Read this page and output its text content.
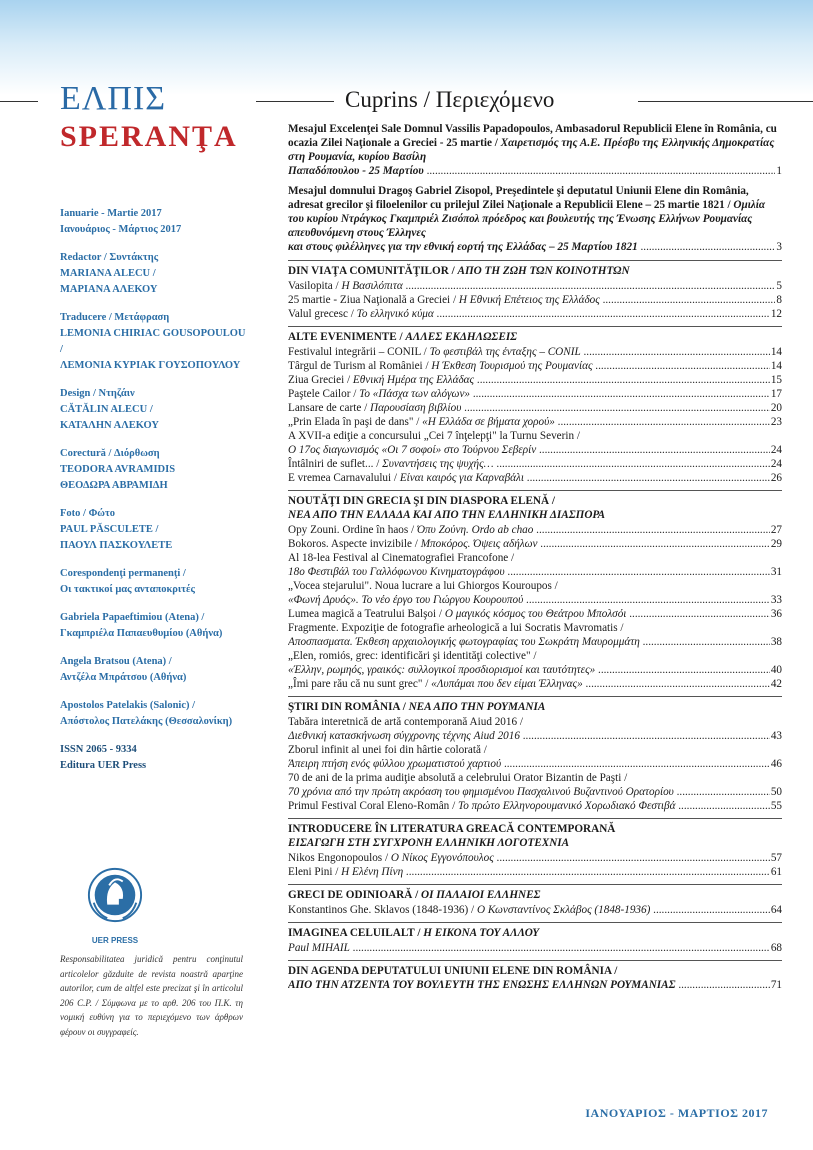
ΕΛΠΙΣ
SPERANŢA
Cuprins / Περιεχόμενο
Ianuarie - Martie 2017
Ιανουάριος - Μάρτιος 2017
Redactor / Συντάκτης
MARIANA ALECU /
ΜΑΡΙΑΝΑ ΑΛΕΚΟΥ
Traducere / Μετάφραση
LEMONIA CHIRIAC GOUSOPOULOU /
ΛΕΜΟΝΙΑ ΚΥΡΙΑΚ ΓΟΥΣΟΠΟΥΛΟΥ
Design / Ντηζάιν
CĂTĂLIN ALECU /
ΚΑΤΑΛΗΝ ΑΛΕΚΟΥ
Corectură / Διόρθωση
TEODORA AVRAMIDIS
ΘΕΟΔΩΡΑ ΑΒΡΑΜΙΔΗ
Foto / Φώτο
PAUL PĂSCULETE /
ΠΑΟΥΛ ΠΑΣΚΟΥΛΕΤΕ
Corespondenţi permanenţi /
Οι τακτικοί μας ανταποκριτές
Gabriela Papaeftimiou (Atena) /
Γκαμπριέλα Παπαευθυμίου (Αθήνα)
Angela Bratsou (Atena) /
Αντζέλα Μπράτσου (Αθήνα)
Apostolos Patelakis (Salonic) /
Απόστολος Πατελάκης (Θεσσαλονίκη)
ISSN 2065 - 9334
Editura UER Press
UER PRESS
Responsabilitatea juridică pentru conţinutul articolelor găzduite de revista noastră aparţine autorilor, cum de altfel este precizat şi în articolul 206 C.P. / Σύμφωνα με το αρθ. 206 του Π.Κ. τη νομική ευθύνη για το περιεχόμενο των άρθρων φέρουν οι συγγραφείς.
Mesajul Excelenţei Sale Domnul Vassilis Papadopoulos, Ambasadorul Republicii Elene în România, cu ocazia Zilei Naţionale a Greciei - 25 martie / Χαιρετισμός της Α.Ε. Πρέσβυ της Ελληνικής Δημοκρατίας στη Ρουμανία, κυρίου Βασίλη
Παπαδόπουλου - 25 Μαρτίου .....	1
Mesajul domnului Dragoş Gabriel Zisopol, Preşedintele şi deputatul Uniunii Elene din România, adresat grecilor şi filoelenilor cu prilejul Zilei Naţionale a Republicii Elene – 25 martie 1821 / Ομιλία του κυρίου Ντράγκος Γκαμπριέλ Ζισόπολ πρόεδρος και βουλευτής της Ένωσης Ελλήνων Ρουμανίας απευθυνόμενη στους Έλληνες
και στους φιλέλληνες για την εθνική εορτή της Ελλάδας – 25 Μαρτίου 1821 .....	3
DIN VIAŢA COMUNITĂŢILOR / ΑΠΟ ΤΗ ΖΩΗ ΤΩΝ ΚΟΙΝΟΤΗΤΩΝ
Vasilopita / Η Βασιλόπιτα .....	5
25 martie - Ziua Naţională a Greciei / Η Εθνική Επέτειος της Ελλάδος .....	8
Valul grecesc / Το ελληνικό κύμα .....	12
ALTE EVENIMENTE / ΑΛΛΕΣ ΕΚΔΗΛΩΣΕΙΣ
Festivalul integrării – CONIL / Το φεστιβάλ της ένταξης – CONIL .....	14
Târgul de Turism al României / Η Έκθεση Τουρισμού της Ρουμανίας .....	14
Ziua Greciei / Εθνική Ημέρα της Ελλάδας .....	15
Paştele Cailor / Το «Πάσχα των αλόγων» .....	17
Lansare de carte / Παρουσίαση βιβλίου .....	20
„Prin Elada în paşi de dans" / «Η Ελλάδα σε βήματα χορού» .....	23
A XVII-a ediţie a concursului „Cei 7 înţelepţi" la Turnu Severin /
Ο 17ος διαγωνισμός «Οι 7 σοφοί» στο Τούρνου Σεβερίν .....	24
Întâlniri de suflet... / Συναντήσεις της ψυχής… .....	24
E vremea Carnavalului / Είναι καιρός για Καρναβάλι .....	26
NOUTĂŢI DIN GRECIA ŞI DIN DIASPORA ELENĂ /
ΝΕΑ ΑΠΟ ΤΗΝ ΕΛΛΑΔΑ ΚΑΙ ΑΠΟ ΤΗΝ ΕΛΛΗΝΙΚΗ ΔΙΑΣΠΟΡΑ
Opy Zouni. Ordine în haos / Όπυ Ζούνη. Ordo ab chao .....	27
Bokoros. Aspecte invizibile / Μποκόρος. Όψεις αδήλων .....	29
Al 18-lea Festival al Cinematografiei Francofone /
18ο Φεστιβάλ του Γαλλόφωνου Κινηματογράφου .....	31
„Vocea stejarului". Noua lucrare a lui Ghiorgos Kouroupos /
«Φωνή Δρυός». Το νέο έργο του Γιώργου Κουρουπού .....	33
Lumea magică a Teatrului Balşoi / Ο μαγικός κόσμος του Θεάτρου Μπολσόι .....	36
Fragmente. Expoziţie de fotografie arheologică a lui Socratis Mavromatis /
Αποσπασματα. Έκθεση αρχαιολογικής φωτογραφίας του Σωκράτη Μαυρομμάτη .....	38
„Elen, romiós, grec: identificări şi identităţi colective" /
«Έλλην, ρωμηός, γραικός: συλλογικοί προσδιορισμοί και ταυτότητες» .....	40
„Îmi pare rău că nu sunt grec" / «Λυπάμαι που δεν είμαι Έλληνας» .....	42
ŞTIRI DIN ROMÂNIA / ΝΕΑ ΑΠΟ ΤΗΝ ΡΟΥΜΑΝΙΑ
Tabăra interetnică de artă contemporană Aiud 2016 /
Διεθνική κατασκήνωση σύγχρονης τέχνης Aiud 2016 .....	43
Zborul infinit al unei foi din hârtie colorată /
Άπειρη πτήση ενός φύλλου χρωματιστού χαρτιού .....	46
70 de ani de la prima audiţie absolută a celebrului Orator Bizantin de Paşti /
70 χρόνια από την πρώτη ακρόαση του φημισμένου Πασχαλινού Βυζαντινού Ορατορίου .....	50
Primul Festival Coral Eleno-Român / Το πρώτο Ελληνορουμανικό Χορωδιακό Φεστιβά .....	55
INTRODUCERE ÎN LITERATURA GREACĂ CONTEMPORANĂ
ΕΙΣΑΓΩΓΗ ΣΤΗ ΣΥΓΧΡΟΝΗ ΕΛΛΗΝΙΚΗ ΛΟΓΟΤΕΧΝΙΑ
Nikos Engonopoulos / Ο Νίκος Εγγονόπουλος .....	57
Eleni Pini / Η Ελένη Πίνη .....	61
GRECI DE ODINIOARĂ / ΟΙ ΠΑΛΑΙΟΙ ΕΛΛΗΝΕΣ
Konstantinos Ghe. Sklavos (1848-1936) / Ο Κωνσταντίνος Σκλάβος (1848-1936) .....	64
IMAGINEA CELUILALT / Η ΕΙΚΟΝΑ ΤΟΥ ΑΛΛΟΥ
Paul MIHAIL .....	68
DIN AGENDA DEPUTATULUI UNIUNII ELENE DIN ROMÂNIA /
ΑΠΟ ΤΗΝ ΑΤΖΕΝΤΑ ΤΟΥ ΒΟΥΛΕΥΤΗ ΤΗΣ ΕΝΩΣΗΣ ΕΛΛΗΝΩΝ ΡΟΥΜΑΝΙΑΣ .....	71
ΙΑΝΟΥΑΡΙΟΣ - ΜΑΡΤΙΟΣ 2017
